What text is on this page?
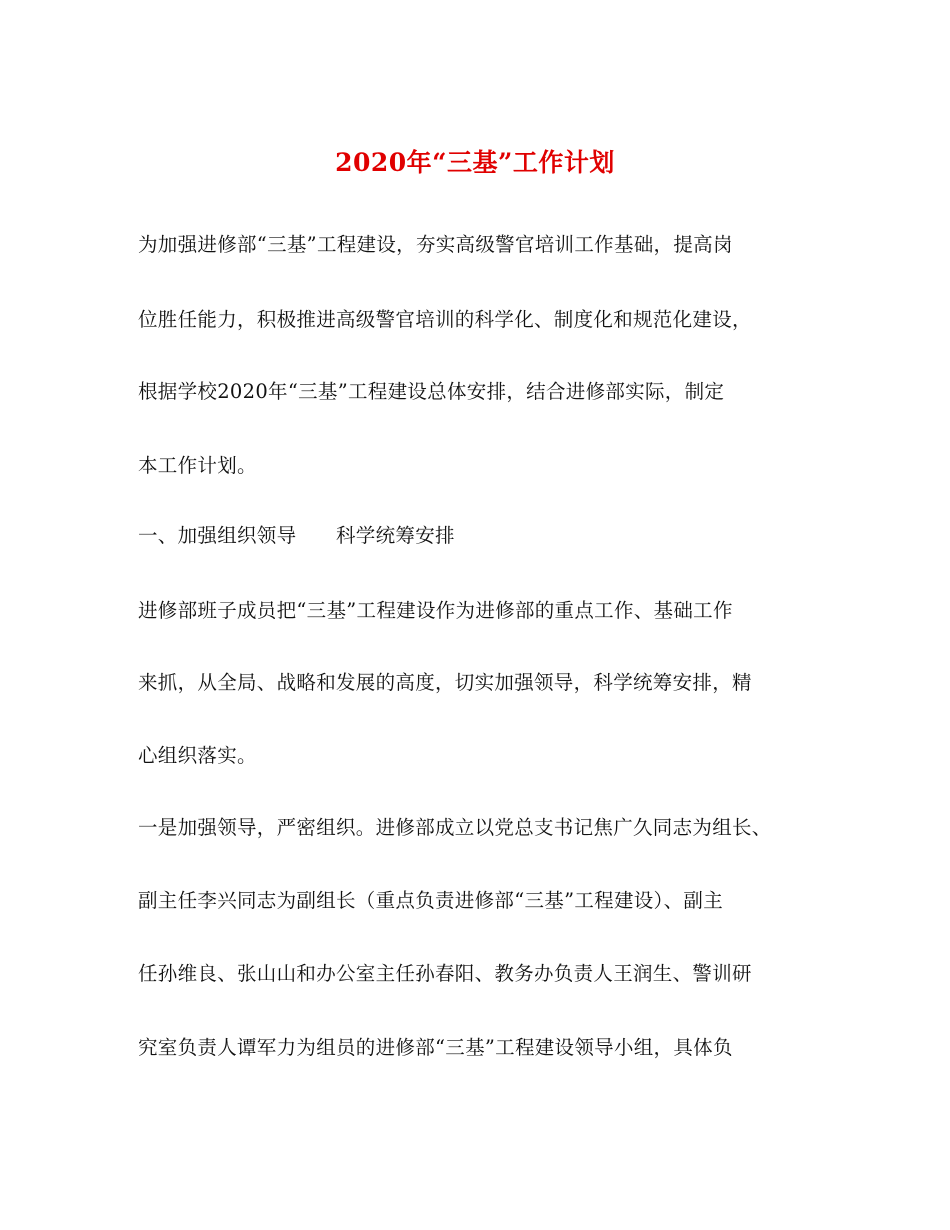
2020年“三基”工作计划
为加强进修部“三基”工程建设，夯实高级警官培训工作基础，提高岗
位胜任能力，积极推进高级警官培训的科学化、制度化和规范化建设，
根据学校2020年“三基”工程建设总体安排，结合进修部实际，制定
本工作计划。
一、加强组织领导　　科学统筹安排
进修部班子成员把“三基”工程建设作为进修部的重点工作、基础工作
来抓，从全局、战略和发展的高度，切实加强领导，科学统筹安排，精
心组织落实。
一是加强领导，严密组织。进修部成立以党总支书记焦广久同志为组长、
副主任李兴同志为副组长（重点负责进修部“三基”工程建设）、副主
任孙维良、张山山和办公室主任孙春阳、教务办负责人王润生、警训研
究室负责人谭军力为组员的进修部“三基”工程建设领导小组，具体负
